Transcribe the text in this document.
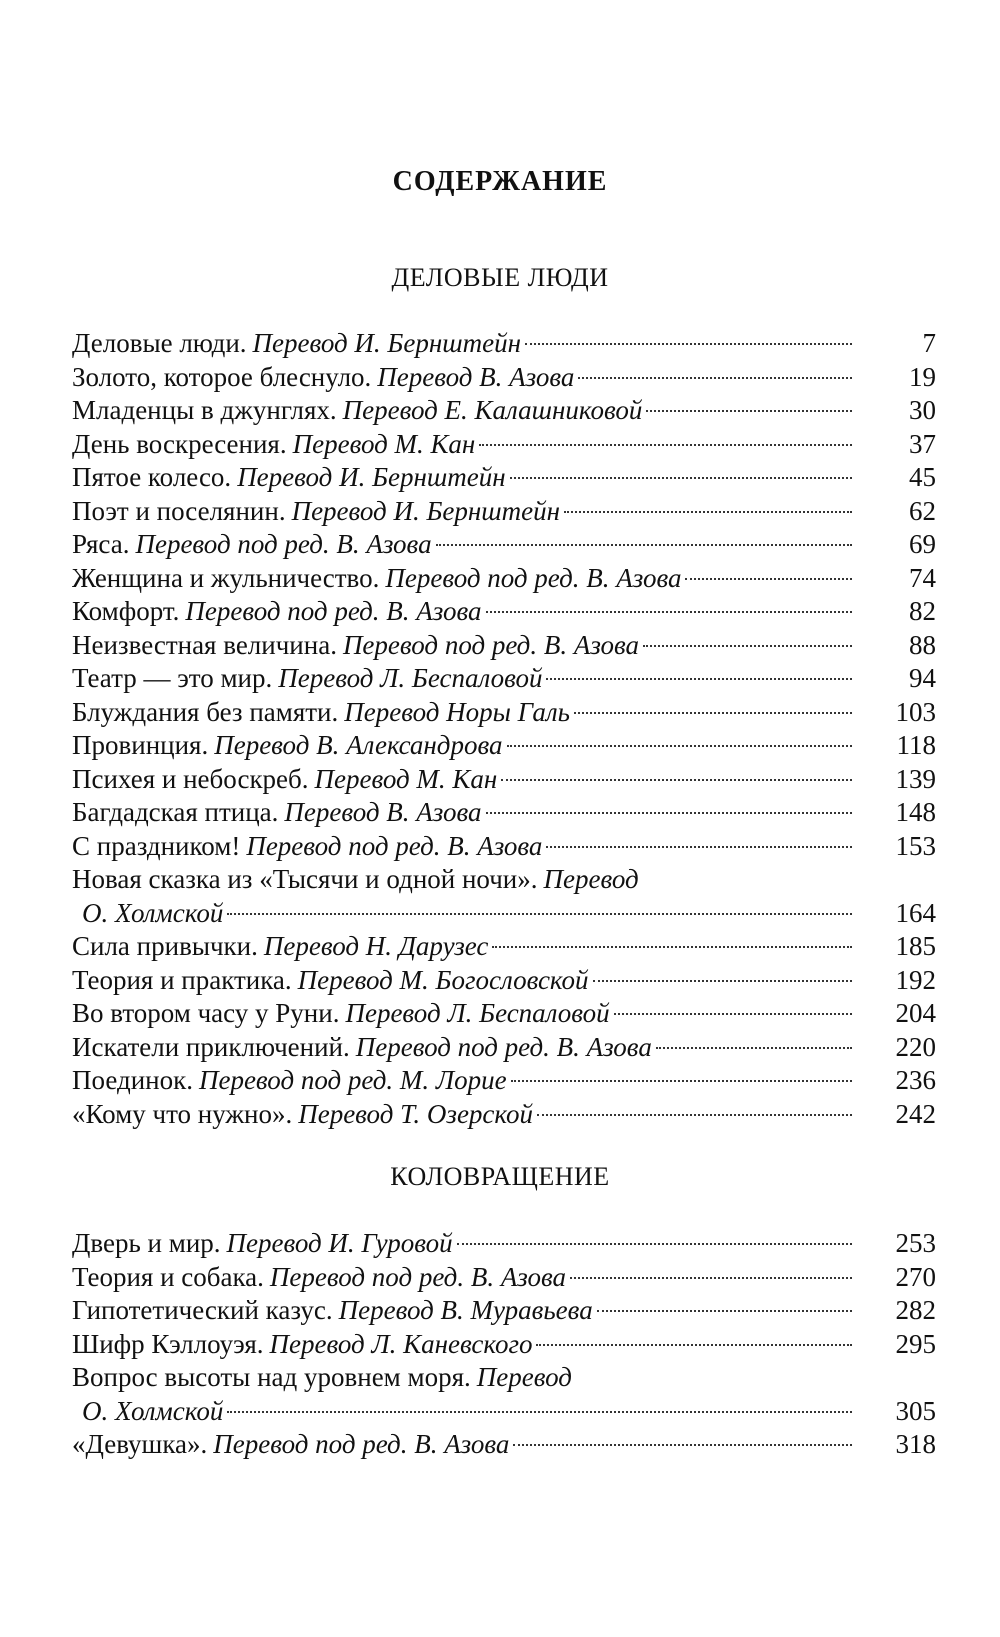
СОДЕРЖАНИЕ
ДЕЛОВЫЕ ЛЮДИ
Деловые люди. Перевод И. Бернштейн	7
Золото, которое блеснуло. Перевод В. Азова	19
Младенцы в джунглях. Перевод Е. Калашниковой	30
День воскресения. Перевод М. Кан	37
Пятое колесо. Перевод И. Бернштейн	45
Поэт и поселянин. Перевод И. Бернштейн	62
Ряса. Перевод под ред. В. Азова	69
Женщина и жульничество. Перевод под ред. В. Азова	74
Комфорт. Перевод под ред. В. Азова	82
Неизвестная величина. Перевод под ред. В. Азова	88
Театр — это мир. Перевод Л. Беспаловой	94
Блуждания без памяти. Перевод Норы Галь	103
Провинция. Перевод В. Александрова	118
Психея и небоскреб. Перевод М. Кан	139
Багдадская птица. Перевод В. Азова	148
С праздником! Перевод под ред. В. Азова	153
Новая сказка из «Тысячи и одной ночи». Перевод
О. Холмской	164
Сила привычки. Перевод Н. Дарузес	185
Теория и практика. Перевод М. Богословской	192
Во втором часу у Руни. Перевод Л. Беспаловой	204
Искатели приключений. Перевод под ред. В. Азова	220
Поединок. Перевод под ред. М. Лорие	236
«Кому что нужно». Перевод Т. Озерской	242
КОЛОВРАЩЕНИЕ
Дверь и мир. Перевод И. Гуровой	253
Теория и собака. Перевод под ред. В. Азова	270
Гипотетический казус. Перевод В. Муравьева	282
Шифр Кэллоуэя. Перевод Л. Каневского	295
Вопрос высоты над уровнем моря. Перевод
О. Холмской	305
«Девушка». Перевод под ред. В. Азова	318
